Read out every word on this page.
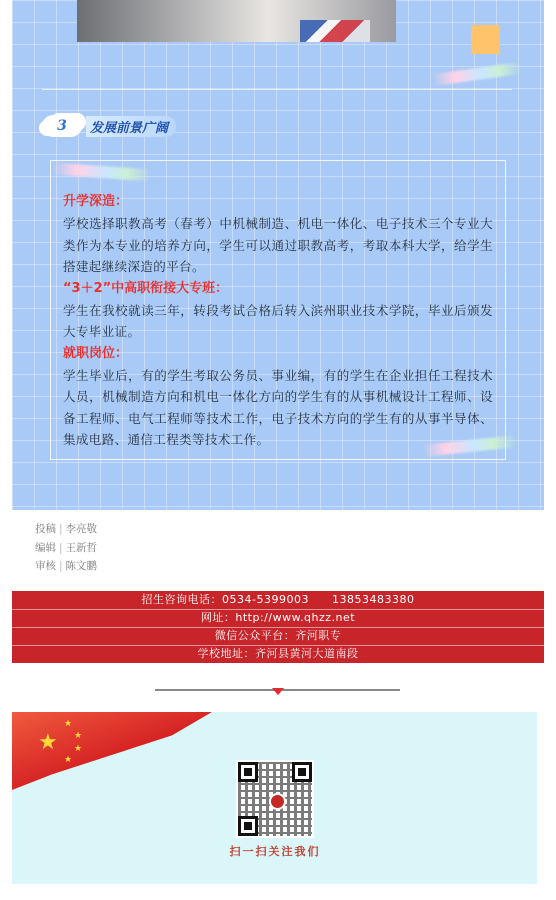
3	发展前景广阔
升学深造：
学校选择职教高考（春考）中机械制造、机电一体化、电子技术三个专业大类作为本专业的培养方向，学生可以通过职教高考，考取本科大学，给学生搭建起继续深造的平台。
“3＋2”中高职衔接大专班：
学生在我校就读三年，转段考试合格后转入滨州职业技术学院，毕业后颁发大专毕业证。
就职岗位：
学生毕业后，有的学生考取公务员、事业编，有的学生在企业担任工程技术人员，机械制造方向和机电一体化方向的学生有的从事机械设计工程师、设备工程师、电气工程师等技术工作，电子技术方向的学生有的从事半导体、集成电路、通信工程类等技术工作。
投稿 | 李亮敬
编辑 | 王新哲
审核 | 陈文鹏
招生咨询电话：0534-5399003　　13853483380
网址：http://www.qhzz.net
微信公众平台：齐河职专
学校地址：齐河县黄河大道南段
★
★
★
★
★
扫一扫关注我们
